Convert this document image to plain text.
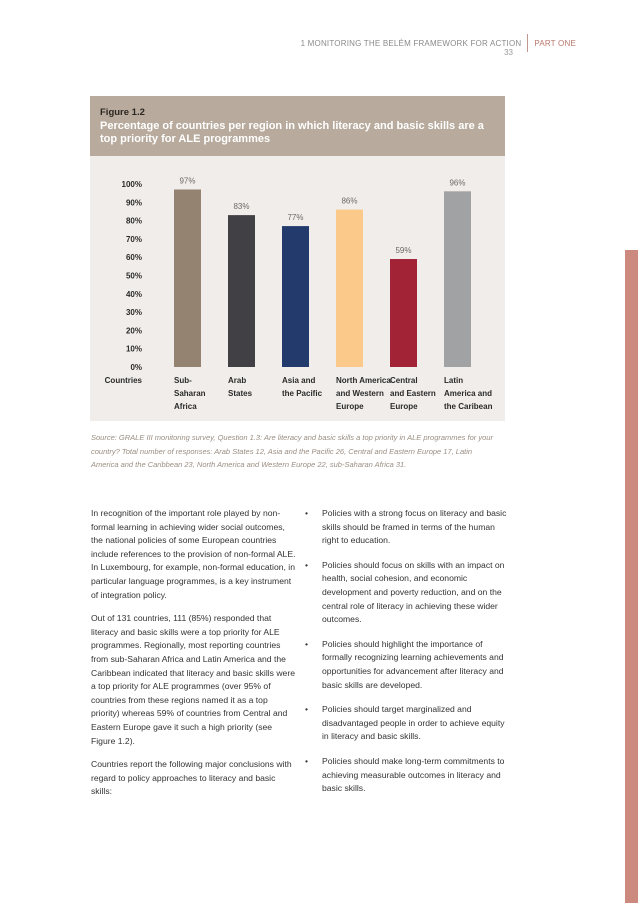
1 MONITORING THE BELÉM FRAMEWORK FOR ACTION PART ONE
33
Figure 1.2
Percentage of countries per region in which literacy and basic skills are a top priority for ALE programmes
100%
90%
80%
70%
60%
50%
40%
30%
20%
10%
0%
Countries
97%
Sub-
Saharan
Africa
83%
Arab
States
77%
Asia and
the Pacific
86%
North America
and Western
Europe
59%
Central
and Eastern
Europe
96%
Latin
America and
the Caribean
Source: GRALE III monitoring survey, Question 1.3: Are literacy and basic skills a top priority in ALE programmes for your country? Total number of responses: Arab States 12, Asia and the Pacific 26, Central and Eastern Europe 17, Latin America and the Caribbean 23, North America and Western Europe 22, sub-Saharan Africa 31.

In recognition of the important role played by non-formal learning in achieving wider social outcomes, the national policies of some European countries include references to the provision of non-formal ALE. In Luxembourg, for example, non-formal education, in particular language programmes, is a key instrument of integration policy.

Out of 131 countries, 111 (85%) responded that literacy and basic skills were a top priority for ALE programmes. Regionally, most reporting countries from sub-Saharan Africa and Latin America and the Caribbean indicated that literacy and basic skills were a top priority for ALE programmes (over 95% of countries from these regions named it as a top priority) whereas 59% of countries from Central and Eastern Europe gave it such a high priority (see Figure 1.2).

Countries report the following major conclusions with regard to policy approaches to literacy and basic skills:

•	Policies with a strong focus on literacy and basic skills should be framed in terms of the human right to education.
•	Policies should focus on skills with an impact on health, social cohesion, and economic development and poverty reduction, and on the central role of literacy in achieving these wider outcomes.
•	Policies should highlight the importance of formally recognizing learning achievements and opportunities for advancement after literacy and basic skills are developed.
•	Policies should target marginalized and disadvantaged people in order to achieve equity in literacy and basic skills.
•	Policies should make long-term commitments to achieving measurable outcomes in literacy and basic skills.
